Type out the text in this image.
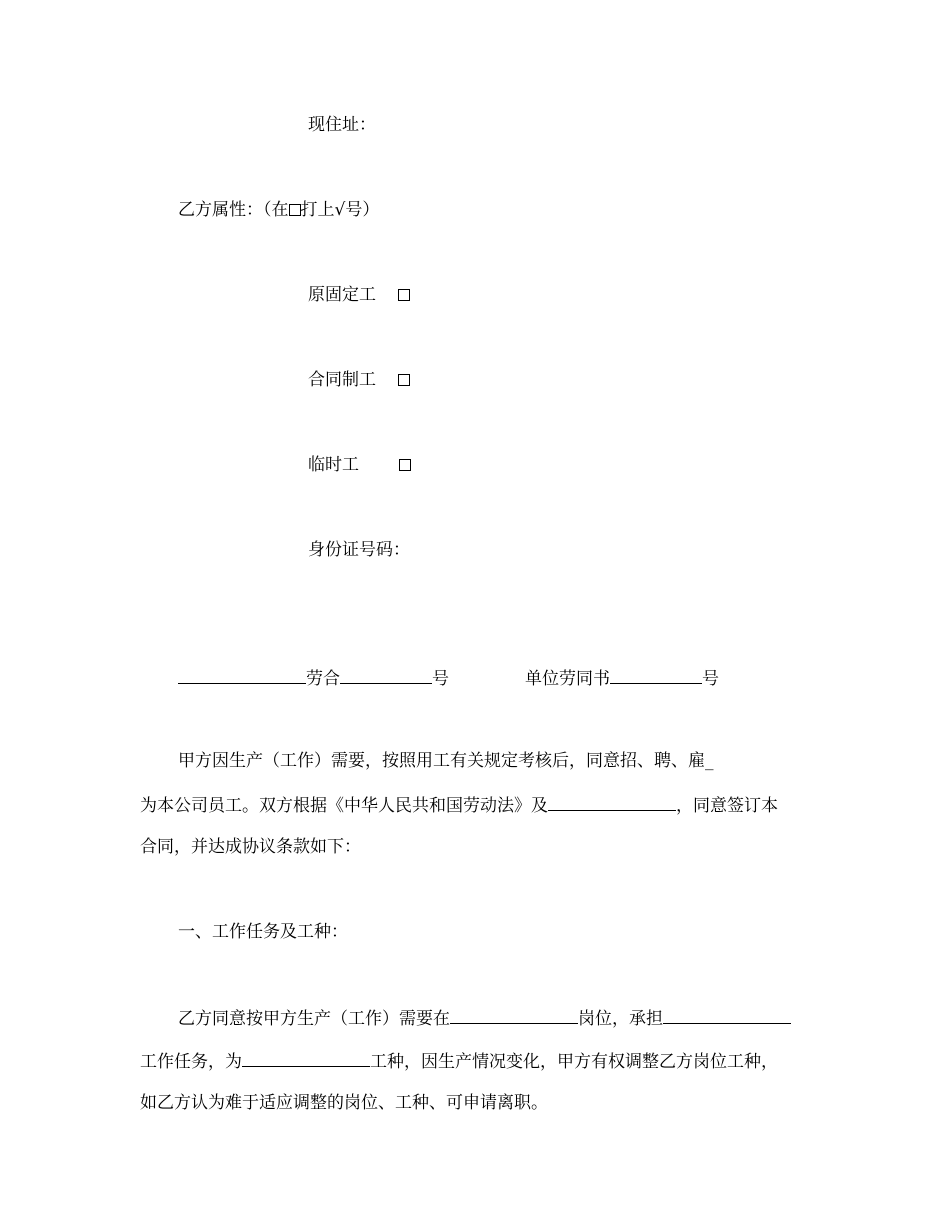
现住址：
乙方属性：（在 打上√号）
原固定工
合同制工
临时工
身份证号码：
劳合	号	单位劳同书	号
甲方因生产（工作）需要，按照用工有关规定考核后，同意招、聘、雇_
为本公司员工。双方根据《中华人民共和国劳动法》及	，同意签订本
合同，并达成协议条款如下：
一、工作任务及工种：
乙方同意按甲方生产（工作）需要在	岗位，承担
工作任务，为	工种，因生产情况变化，甲方有权调整乙方岗位工种，
如乙方认为难于适应调整的岗位、工种、可申请离职。
